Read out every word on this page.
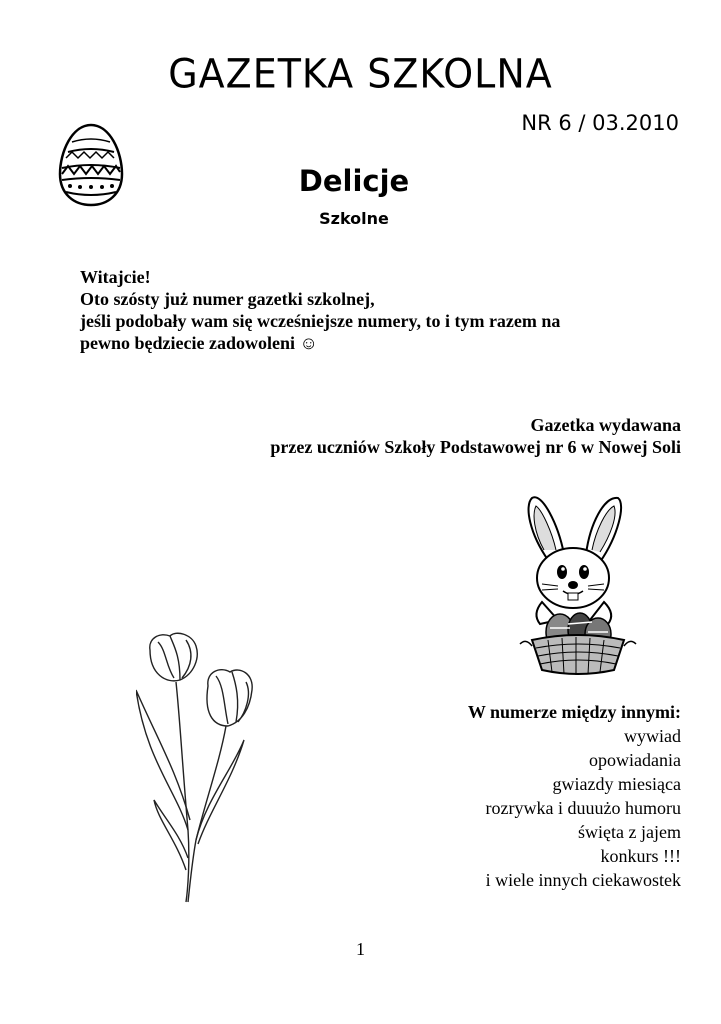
GAZETKA SZKOLNA
NR 6 / 03.2010
Delicje
Szkolne
Witajcie!
Oto szósty już numer gazetki szkolnej,
jeśli podobały wam się wcześniejsze numery, to i tym razem na
pewno będziecie zadowoleni ☺
Gazetka wydawana
przez uczniów Szkoły Podstawowej nr 6 w Nowej Soli
W numerze między innymi:
wywiad
opowiadania
gwiazdy miesiąca
rozrywka i duuużo humoru
święta z jajem
konkurs !!!
i wiele innych ciekawostek
1
